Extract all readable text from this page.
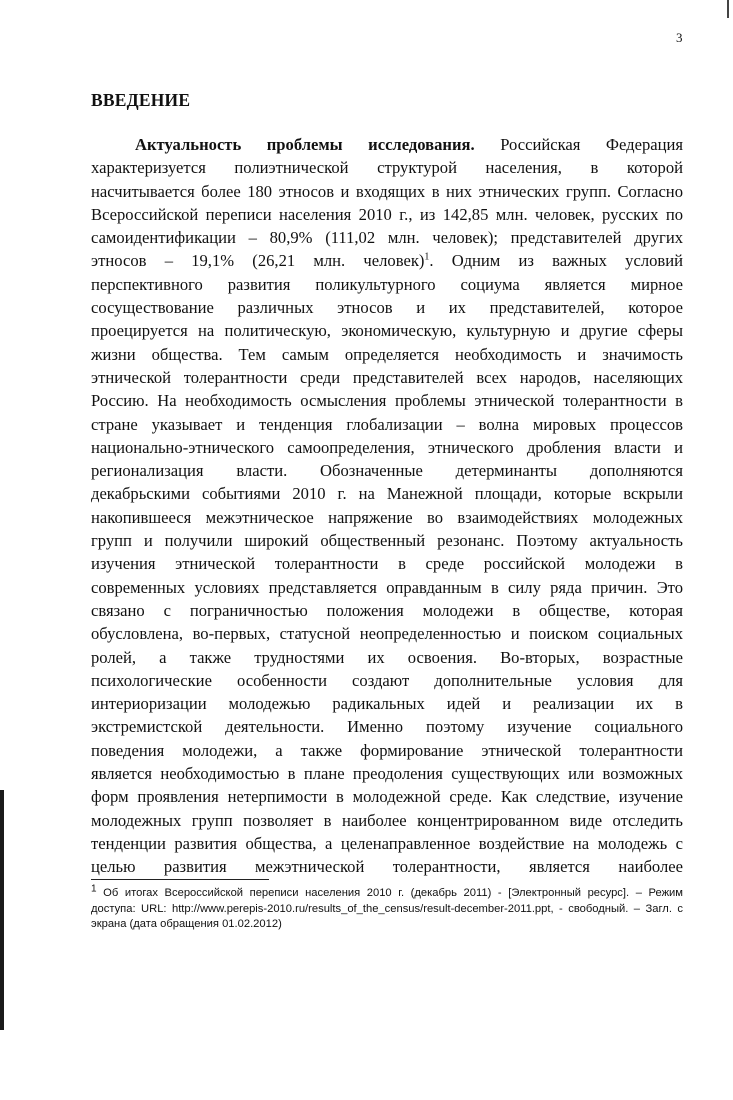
3
ВВЕДЕНИЕ
Актуальность проблемы исследования. Российская Федерация
характеризуется полиэтнической структурой населения, в которой
насчитывается более 180 этносов и входящих в них этнических групп. Согласно
Всероссийской переписи населения 2010 г., из 142,85 млн. человек, русских по
самоидентификации – 80,9% (111,02 млн. человек); представителей других
этносов – 19,1% (26,21 млн. человек)$^1$. Одним из важных условий
перспективного развития поликультурного социума является мирное
сосуществование различных этносов и их представителей, которое
проецируется на политическую, экономическую, культурную и другие сферы
жизни общества. Тем самым определяется необходимость и значимость
этнической толерантности среди представителей всех народов, населяющих
Россию. На необходимость осмысления проблемы этнической толерантности в
стране указывает и тенденция глобализации – волна мировых процессов
национально-этнического самоопределения, этнического дробления власти и
регионализация власти. Обозначенные детерминанты дополняются
декабрьскими событиями 2010 г. на Манежной площади, которые вскрыли
накопившееся межэтническое напряжение во взаимодействиях молодежных
групп и получили широкий общественный резонанс. Поэтому актуальность
изучения этнической толерантности в среде российской молодежи в
современных условиях представляется оправданным в силу ряда причин. Это
связано с пограничностью положения молодежи в обществе, которая
обусловлена, во-первых, статусной неопределенностью и поиском социальных
ролей, а также трудностями их освоения. Во-вторых, возрастные
психологические особенности создают дополнительные условия для
интериоризации молодежью радикальных идей и реализации их в
экстремистской деятельности. Именно поэтому изучение социального
поведения молодежи, а также формирование этнической толерантности
является необходимостью в плане преодоления существующих или возможных
форм проявления нетерпимости в молодежной среде. Как следствие, изучение
молодежных групп позволяет в наиболее концентрированном виде отследить
тенденции развития общества, а целенаправленное воздействие на молодежь с
целью развития межэтнической толерантности, является наиболее
$^1$ Об итогах Всероссийской переписи населения 2010 г. (декабрь 2011) - [Электронный ресурс]. – Режим
доступа: URL: http://www.perepis-2010.ru/results_of_the_census/result-december-2011.ppt, - свободный. – Загл. с
экрана (дата обращения 01.02.2012)
